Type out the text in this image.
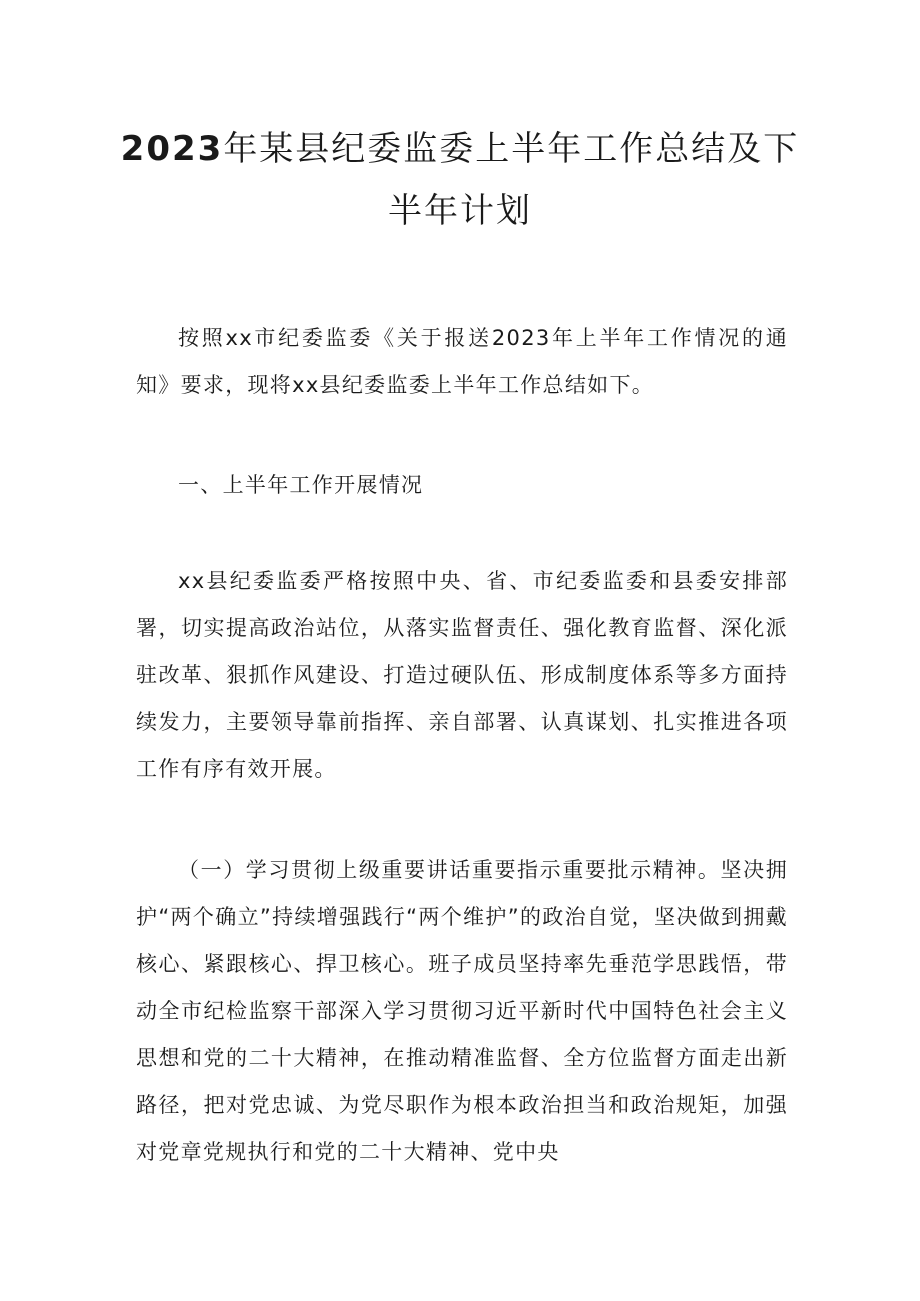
2023年某县纪委监委上半年工作总结及下
半年计划

按照xx市纪委监委《关于报送2023年上半年工作情况的通知》要求，现将xx县纪委监委上半年工作总结如下。

一、上半年工作开展情况

xx县纪委监委严格按照中央、省、市纪委监委和县委安排部署，切实提高政治站位，从落实监督责任、强化教育监督、深化派驻改革、狠抓作风建设、打造过硬队伍、形成制度体系等多方面持续发力，主要领导靠前指挥、亲自部署、认真谋划、扎实推进各项工作有序有效开展。

（一）学习贯彻上级重要讲话重要指示重要批示精神。坚决拥护“两个确立”持续增强践行“两个维护”的政治自觉，坚决做到拥戴核心、紧跟核心、捍卫核心。班子成员坚持率先垂范学思践悟，带动全市纪检监察干部深入学习贯彻习近平新时代中国特色社会主义思想和党的二十大精神，在推动精准监督、全方位监督方面走出新路径，把对党忠诚、为党尽职作为根本政治担当和政治规矩，加强对党章党规执行和党的二十大精神、党中央
